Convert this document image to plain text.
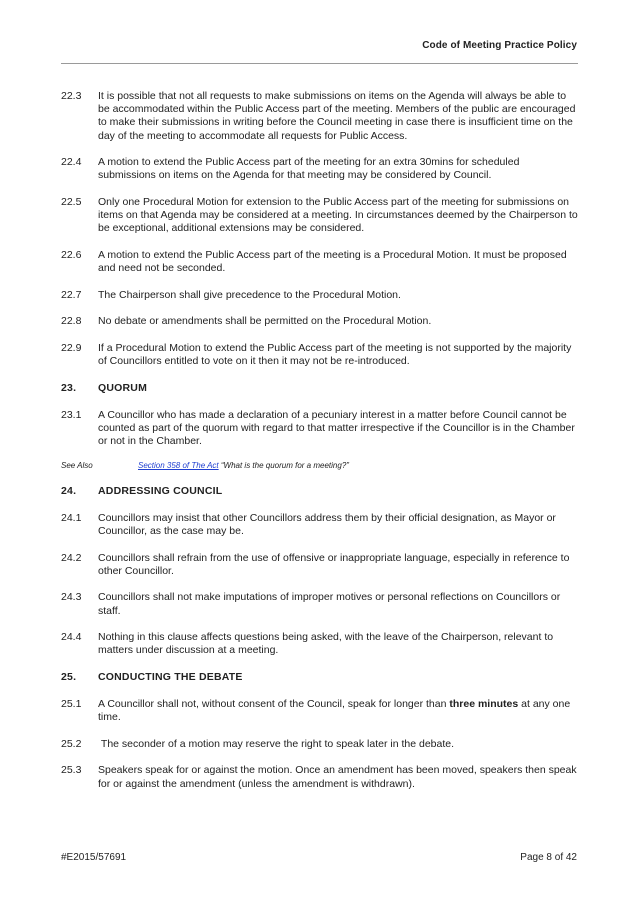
Code of Meeting Practice Policy
22.3	It is possible that not all requests to make submissions on items on the Agenda will always be able to be accommodated within the Public Access part of the meeting. Members of the public are encouraged to make their submissions in writing before the Council meeting in case there is insufficient time on the day of the meeting to accommodate all requests for Public Access.
22.4	A motion to extend the Public Access part of the meeting for an extra 30mins for scheduled submissions on items on the Agenda for that meeting may be considered by Council.
22.5	Only one Procedural Motion for extension to the Public Access part of the meeting for submissions on items on that Agenda may be considered at a meeting. In circumstances deemed by the Chairperson to be exceptional, additional extensions may be considered.
22.6	A motion to extend the Public Access part of the meeting is a Procedural Motion. It must be proposed and need not be seconded.
22.7	The Chairperson shall give precedence to the Procedural Motion.
22.8	No debate or amendments shall be permitted on the Procedural Motion.
22.9	If a Procedural Motion to extend the Public Access part of the meeting is not supported by the majority of Councillors entitled to vote on it then it may not be re-introduced.
23.	QUORUM
23.1	A Councillor who has made a declaration of a pecuniary interest in a matter before Council cannot be counted as part of the quorum with regard to that matter irrespective if the Councillor is in the Chamber or not in the Chamber.
See Also	Section 358 of The Act “What is the quorum for a meeting?”
24.	ADDRESSING COUNCIL
24.1	Councillors may insist that other Councillors address them by their official designation, as Mayor or Councillor, as the case may be.
24.2	Councillors shall refrain from the use of offensive or inappropriate language, especially in reference to other Councillor.
24.3	Councillors shall not make imputations of improper motives or personal reflections on Councillors or staff.
24.4	Nothing in this clause affects questions being asked, with the leave of the Chairperson, relevant to matters under discussion at a meeting.
25.	CONDUCTING THE DEBATE
25.1	A Councillor shall not, without consent of the Council, speak for longer than three minutes at any one time.
25.2	The seconder of a motion may reserve the right to speak later in the debate.
25.3	Speakers speak for or against the motion. Once an amendment has been moved, speakers then speak for or against the amendment (unless the amendment is withdrawn).
#E2015/57691	Page 8 of 42
